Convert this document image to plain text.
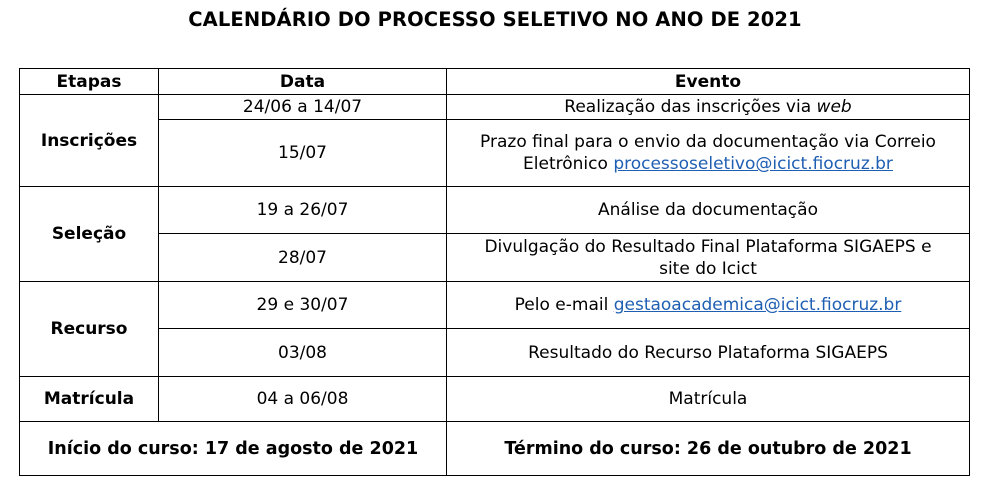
CALENDÁRIO DO PROCESSO SELETIVO NO ANO DE 2021
Etapas	Data	Evento
Inscrições	24/06 a 14/07	Realização das inscrições via web
	15/07	Prazo final para o envio da documentação via Correio
Eletrônico processoseletivo@icict.fiocruz.br
Seleção	19 a 26/07	Análise da documentação
	28/07	Divulgação do Resultado Final Plataforma SIGAEPS e
site do Icict
Recurso	29 e 30/07	Pelo e-mail gestaoacademica@icict.fiocruz.br
	03/08	Resultado do Recurso Plataforma SIGAEPS
Matrícula	04 a 06/08	Matrícula
Início do curso: 17 de agosto de 2021		Término do curso: 26 de outubro de 2021
